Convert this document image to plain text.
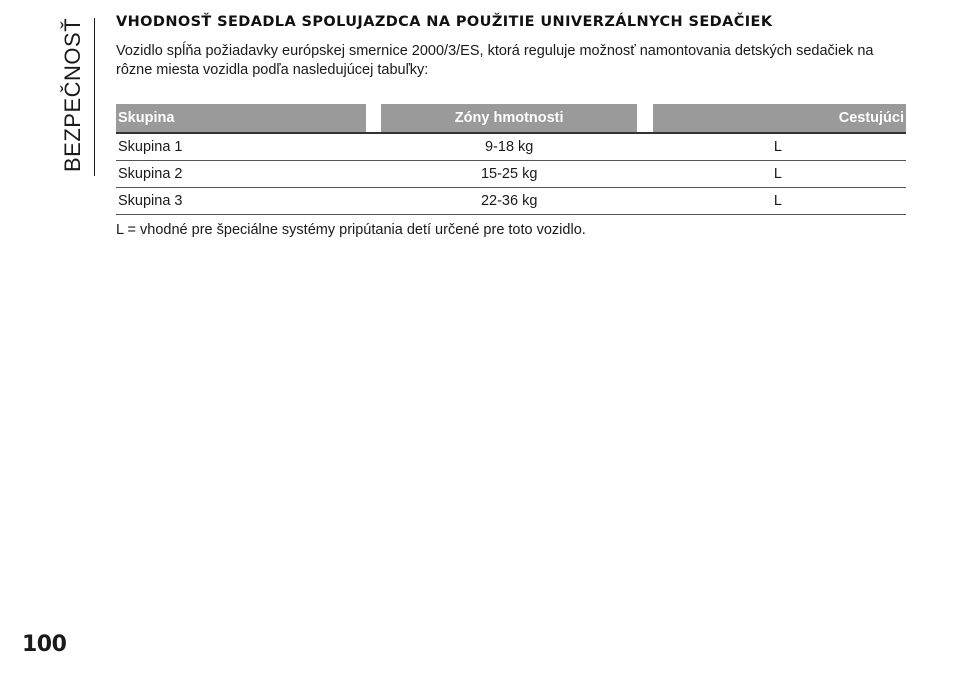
BEZPEČNOSŤ VHODNOSŤ SEDADLA SPOLUJAZDCA NA POUŽITIE UNIVERZÁLNYCH SEDAČIEK

Vozidlo spĺňa požiadavky európskej smernice 2000/3/ES, ktorá reguluje možnosť namontovania detských sedačiek na rôzne miesta vozidla podľa nasledujúcej tabuľky:

Skupina		Zóny hmotnosti		Cestujúci
Skupina 1		9-18 kg		L
Skupina 2		15-25 kg		L
Skupina 3		22-36 kg		L
L = vhodné pre špeciálne systémy pripútania detí určené pre toto vozidlo.
100
